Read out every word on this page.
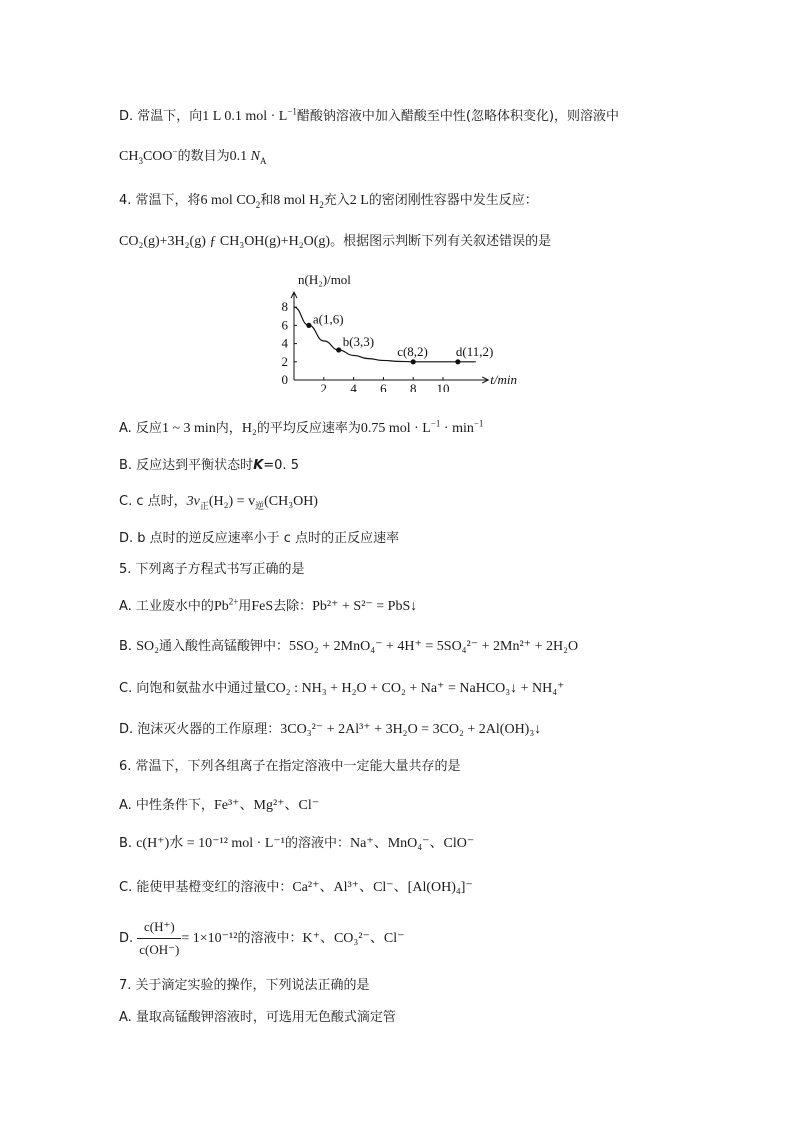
D. 常温下，向1 L 0.1 mol · $L^{-1}$醋酸钠溶液中加入醋酸至中性(忽略体积变化)，则溶液中
$CH_3COO^-$的数目为0.1 $N_A$
4. 常温下，将6 mol $CO_2$和8 mol $H_2$充入2 L的密闭刚性容器中发生反应：
CO₂(g)+3H₂(g) ƒ CH₃OH(g)+H₂O(g)。根据图示判断下列有关叙述错误的是
2 4 6 8 10
0
2
4
6
8
n(H₂)/mol
t/min
a(1,6)
b(3,3)
c(8,2) d(11,2)
A. 反应1 ~ 3 min内，H₂的平均反应速率为0.75 mol · $L^{-1} \cdot \min^{-1}$
B. 反应达到平衡状态时K=0. 5
C. c 点时，$3v_正(H_2) = v_逆(CH_3OH)$
D. b 点时的逆反应速率小于 c 点时的正反应速率
5. 下列离子方程式书写正确的是
A. 工业废水中的$Pb^{2+}$用FeS去除：Pb²⁺ + S²⁻ = PbS↓
B. SO₂通入酸性高锰酸钾中：5SO₂ + 2MnO₄⁻ + 4H⁺ = 5SO₄²⁻ + 2Mn²⁺ + 2H₂O
C. 向饱和氨盐水中通过量CO₂ : NH₃ + H₂O + CO₂ + Na⁺ = NaHCO₃↓ + NH₄⁺
D. 泡沫灭火器的工作原理：3CO₃²⁻ + 2Al³⁺ + 3H₂O = 3CO₂ + 2Al(OH)₃↓
6. 常温下，下列各组离子在指定溶液中一定能大量共存的是
A. 中性条件下，Fe³⁺、Mg²⁺、Cl⁻
B. c(H⁺)水 = 10⁻¹² mol · L⁻¹的溶液中：Na⁺、MnO₄⁻、ClO⁻
C. 能使甲基橙变红的溶液中：Ca²⁺、Al³⁺、Cl⁻、[Al(OH)₄]⁻
D. $\frac{c(H^+)}{c(OH^-)} = 1\times 10^{-12}$的溶液中：K⁺、CO₃²⁻、Cl⁻
7. 关于滴定实验的操作，下列说法正确的是
A. 量取高锰酸钾溶液时，可选用无色酸式滴定管
